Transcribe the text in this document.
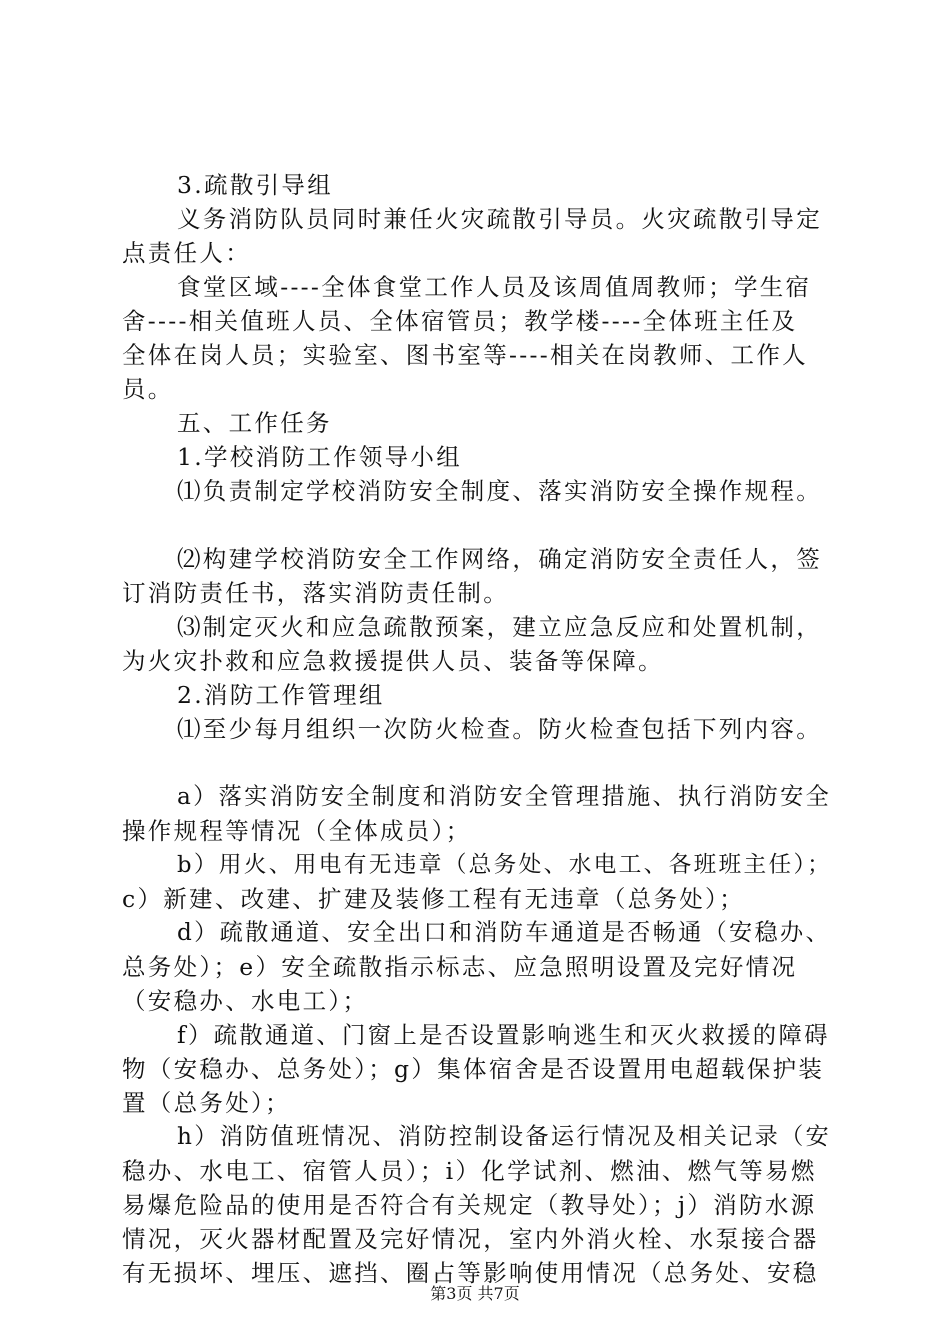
3.疏散引导组

义务消防队员同时兼任火灾疏散引导员。火灾疏散引导定

点责任人：

食堂区域----全体食堂工作人员及该周值周教师；学生宿

舍----相关值班人员、全体宿管员；教学楼----全体班主任及

全体在岗人员；实验室、图书室等----相关在岗教师、工作人

员。

五、工作任务

1.学校消防工作领导小组

⑴负责制定学校消防安全制度、落实消防安全操作规程。

⑵构建学校消防安全工作网络，确定消防安全责任人，签

订消防责任书，落实消防责任制。

⑶制定灭火和应急疏散预案，建立应急反应和处置机制，

为火灾扑救和应急救援提供人员、装备等保障。

2.消防工作管理组

⑴至少每月组织一次防火检查。防火检查包括下列内容。

a）落实消防安全制度和消防安全管理措施、执行消防安全

操作规程等情况（全体成员）；

b）用火、用电有无违章（总务处、水电工、各班班主任）；

c）新建、改建、扩建及装修工程有无违章（总务处）；

d）疏散通道、安全出口和消防车通道是否畅通（安稳办、

总务处）；e）安全疏散指示标志、应急照明设置及完好情况

（安稳办、水电工）；

f）疏散通道、门窗上是否设置影响逃生和灭火救援的障碍

物（安稳办、总务处）；g）集体宿舍是否设置用电超载保护装

置（总务处）；

h）消防值班情况、消防控制设备运行情况及相关记录（安

稳办、水电工、宿管人员）；i）化学试剂、燃油、燃气等易燃

易爆危险品的使用是否符合有关规定（教导处）；j）消防水源

情况，灭火器材配置及完好情况，室内外消火栓、水泵接合器

有无损坏、埋压、遮挡、圈占等影响使用情况（总务处、安稳

第3页 共7页
